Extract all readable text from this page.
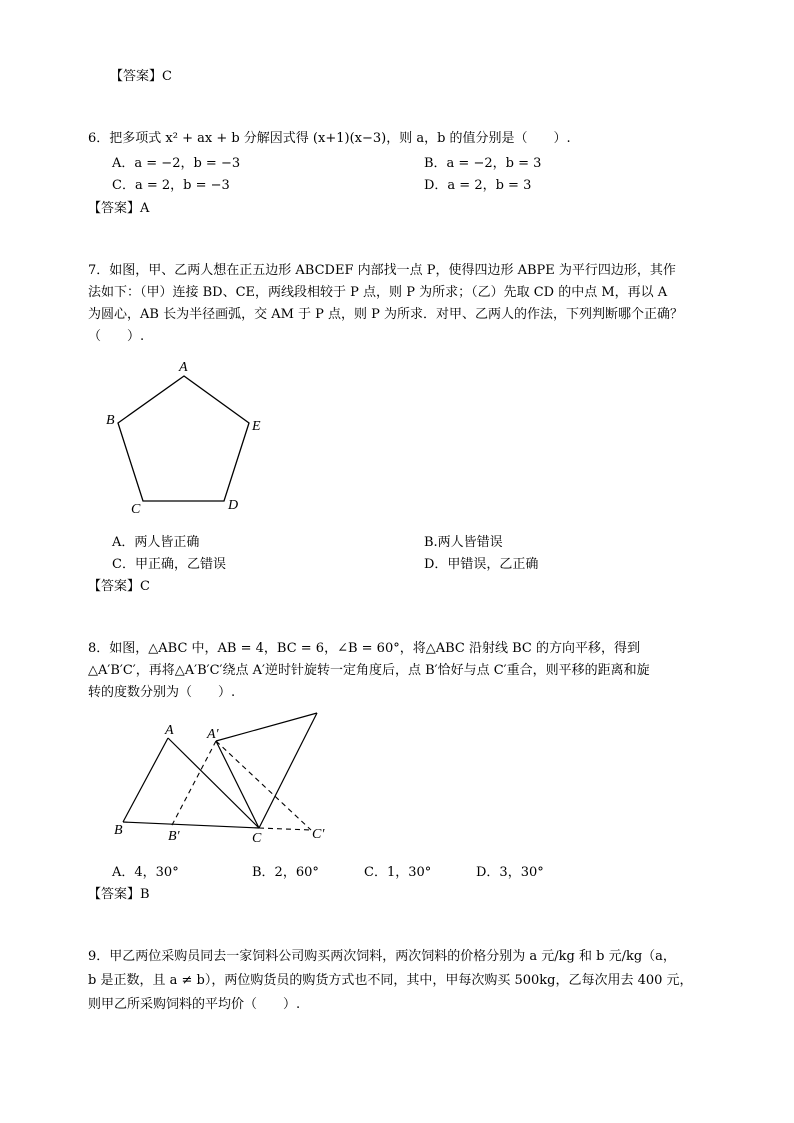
【答案】C
6．把多项式 x² + ax + b 分解因式得 (x+1)(x−3)，则 a，b 的值分别是（　　）.
A．a = −2，b = −3	B．a = −2，b = 3
C．a = 2，b = −3	D．a = 2，b = 3
【答案】A
7．如图，甲、乙两人想在正五边形 ABCDEF 内部找一点 P，使得四边形 ABPE 为平行四边形，其作
法如下：（甲）连接 BD、CE，两线段相较于 P 点，则 P 为所求；（乙）先取 CD 的中点 M，再以 A
为圆心，AB 长为半径画弧，交 AM 于 P 点，则 P 为所求．对甲、乙两人的作法，下列判断哪个正确？
（　　）.
A
B	E
C	D
A．两人皆正确	B.两人皆错误
C．甲正确，乙错误	D．甲错误，乙正确
【答案】C
8．如图，△ABC 中，AB = 4，BC = 6，∠B = 60°，将△ABC 沿射线 BC 的方向平移，得到
△A′B′C′，再将△A′B′C′绕点 A′逆时针旋转一定角度后，点 B′恰好与点 C′重合，则平移的距离和旋
转的度数分别为（　　）.
A A′
B	B′	C	C′
A．4，30°	B．2，60°	C．1，30°	D．3，30°
【答案】B
9．甲乙两位采购员同去一家饲料公司购买两次饲料，两次饲料的价格分别为 a 元/kg 和 b 元/kg（a，
b 是正数，且 a ≠ b），两位购货员的购货方式也不同，其中，甲每次购买 500kg，乙每次用去 400 元，
则甲乙所采购饲料的平均价（　　）.
